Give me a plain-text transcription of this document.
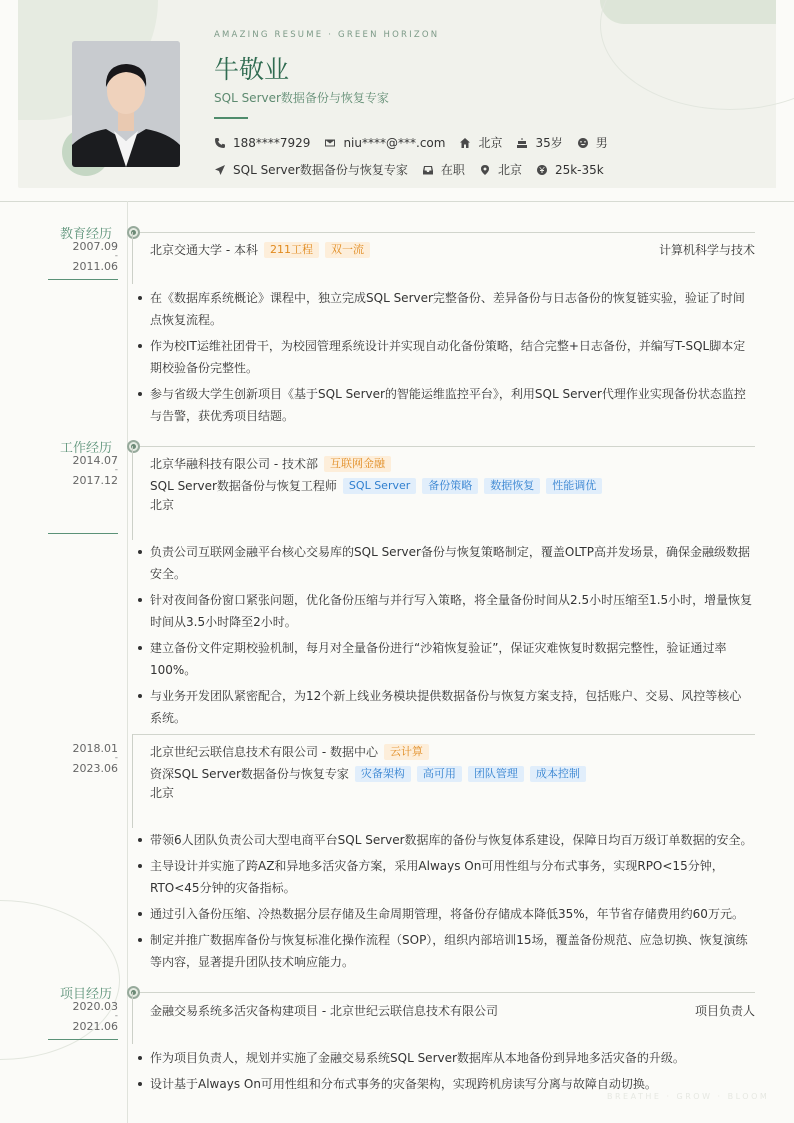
AMAZING RESUME · GREEN HORIZON
牛敬业
SQL Server数据备份与恢复专家
188****7929	niu****@***.com	北京	35岁	男
SQL Server数据备份与恢复专家	在职	北京	25k-35k
教育经历
2007.09
-
2011.06
北京交通大学 - 本科	211工程	双一流	计算机科学与技术
在《数据库系统概论》课程中，独立完成SQL Server完整备份、差异备份与日志备份的恢复链实验，验证了时间点恢复流程。
作为校IT运维社团骨干，为校园管理系统设计并实现自动化备份策略，结合完整+日志备份，并编写T-SQL脚本定期校验备份完整性。
参与省级大学生创新项目《基于SQL Server的智能运维监控平台》，利用SQL Server代理作业实现备份状态监控与告警，获优秀项目结题。
工作经历
2014.07
-
2017.12
北京华融科技有限公司 - 技术部	互联网金融
SQL Server数据备份与恢复工程师	SQL Server	备份策略	数据恢复	性能调优
北京
负责公司互联网金融平台核心交易库的SQL Server备份与恢复策略制定，覆盖OLTP高并发场景，确保金融级数据安全。
针对夜间备份窗口紧张问题，优化备份压缩与并行写入策略，将全量备份时间从2.5小时压缩至1.5小时，增量恢复时间从3.5小时降至2小时。
建立备份文件定期校验机制，每月对全量备份进行“沙箱恢复验证”，保证灾难恢复时数据完整性，验证通过率100%。
与业务开发团队紧密配合，为12个新上线业务模块提供数据备份与恢复方案支持，包括账户、交易、风控等核心系统。
2018.01
-
2023.06
北京世纪云联信息技术有限公司 - 数据中心	云计算
资深SQL Server数据备份与恢复专家	灾备架构	高可用	团队管理	成本控制
北京
带领6人团队负责公司大型电商平台SQL Server数据库的备份与恢复体系建设，保障日均百万级订单数据的安全。
主导设计并实施了跨AZ和异地多活灾备方案，采用Always On可用性组与分布式事务，实现RPO<15分钟，RTO<45分钟的灾备指标。
通过引入备份压缩、冷热数据分层存储及生命周期管理，将备份存储成本降低35%，年节省存储费用约60万元。
制定并推广数据库备份与恢复标准化操作流程（SOP），组织内部培训15场，覆盖备份规范、应急切换、恢复演练等内容，显著提升团队技术响应能力。
项目经历
2020.03
-
2021.06
金融交易系统多活灾备构建项目 - 北京世纪云联信息技术有限公司	项目负责人
作为项目负责人，规划并实施了金融交易系统SQL Server数据库从本地备份到异地多活灾备的升级。
设计基于Always On可用性组和分布式事务的灾备架构，实现跨机房读写分离与故障自动切换。
BREATHE · GROW · BLOOM
